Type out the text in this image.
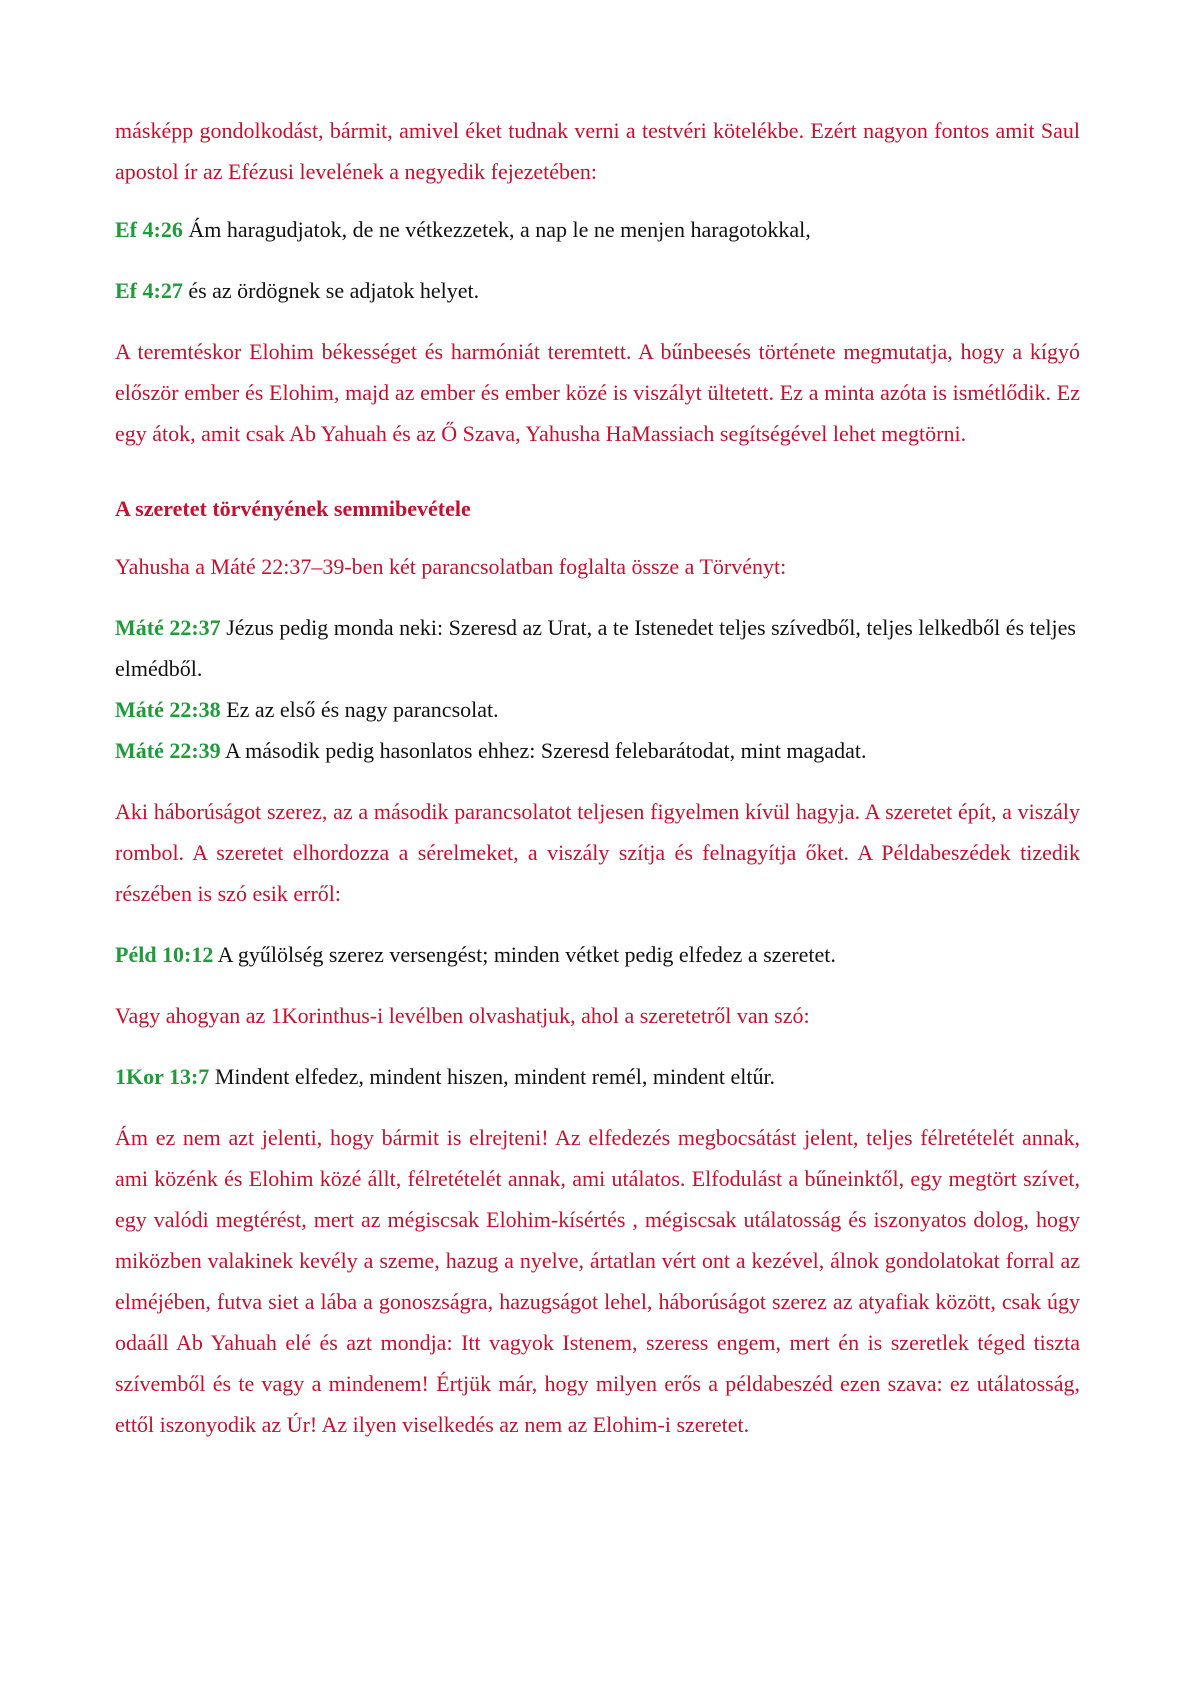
másképp gondolkodást, bármit, amivel éket tudnak verni a testvéri kötelékbe. Ezért nagyon fontos amit Saul apostol ír az Efézusi levelének a negyedik fejezetében:

Ef 4:26 Ám haragudjatok, de ne vétkezzetek, a nap le ne menjen haragotokkal,

Ef 4:27 és az ördögnek se adjatok helyet.

A teremtéskor Elohim békességet és harmóniát teremtett. A bűnbeesés története megmutatja, hogy a kígyó először ember és Elohim, majd az ember és ember közé is viszályt ültetett. Ez a minta azóta is ismétlődik. Ez egy átok, amit csak Ab Yahuah és az Ő Szava, Yahusha HaMassiach segítségével lehet megtörni.

A szeretet törvényének semmibevétele

Yahusha a Máté 22:37–39-ben két parancsolatban foglalta össze a Törvényt:

Máté 22:37 Jézus pedig monda neki: Szeresd az Urat, a te Istenedet teljes szívedből, teljes lelkedből és teljes elmédből.

Máté 22:38 Ez az első és nagy parancsolat.

Máté 22:39 A második pedig hasonlatos ehhez: Szeresd felebarátodat, mint magadat.

Aki háborúságot szerez, az a második parancsolatot teljesen figyelmen kívül hagyja. A szeretet épít, a viszály rombol. A szeretet elhordozza a sérelmeket, a viszály szítja és felnagyítja őket. A Példabeszédek tizedik részében is szó esik erről:

Péld 10:12 A gyűlölség szerez versengést; minden vétket pedig elfedez a szeretet.

Vagy ahogyan az 1Korinthus-i levélben olvashatjuk, ahol a szeretetről van szó:

1Kor 13:7 Mindent elfedez, mindent hiszen, mindent remél, mindent eltűr.

Ám ez nem azt jelenti, hogy bármit is elrejteni! Az elfedezés megbocsátást jelent, teljes félretételét annak, ami közénk és Elohim közé állt, félretételét annak, ami utálatos. Elfodulást a bűneinktől, egy megtört szívet, egy valódi megtérést, mert az mégiscsak Elohim-kísértés , mégiscsak utálatosság és iszonyatos dolog, hogy miközben valakinek kevély a szeme, hazug a nyelve, ártatlan vért ont a kezével, álnok gondolatokat forral az elméjében, futva siet a lába a gonoszságra, hazugságot lehel, háborúságot szerez az atyafiak között, csak úgy odaáll Ab Yahuah elé és azt mondja: Itt vagyok Istenem, szeress engem, mert én is szeretlek téged tiszta szívemből és te vagy a mindenem! Értjük már, hogy milyen erős a példabeszéd ezen szava: ez utálatosság, ettől iszonyodik az Úr! Az ilyen viselkedés az nem az Elohim-i szeretet.
